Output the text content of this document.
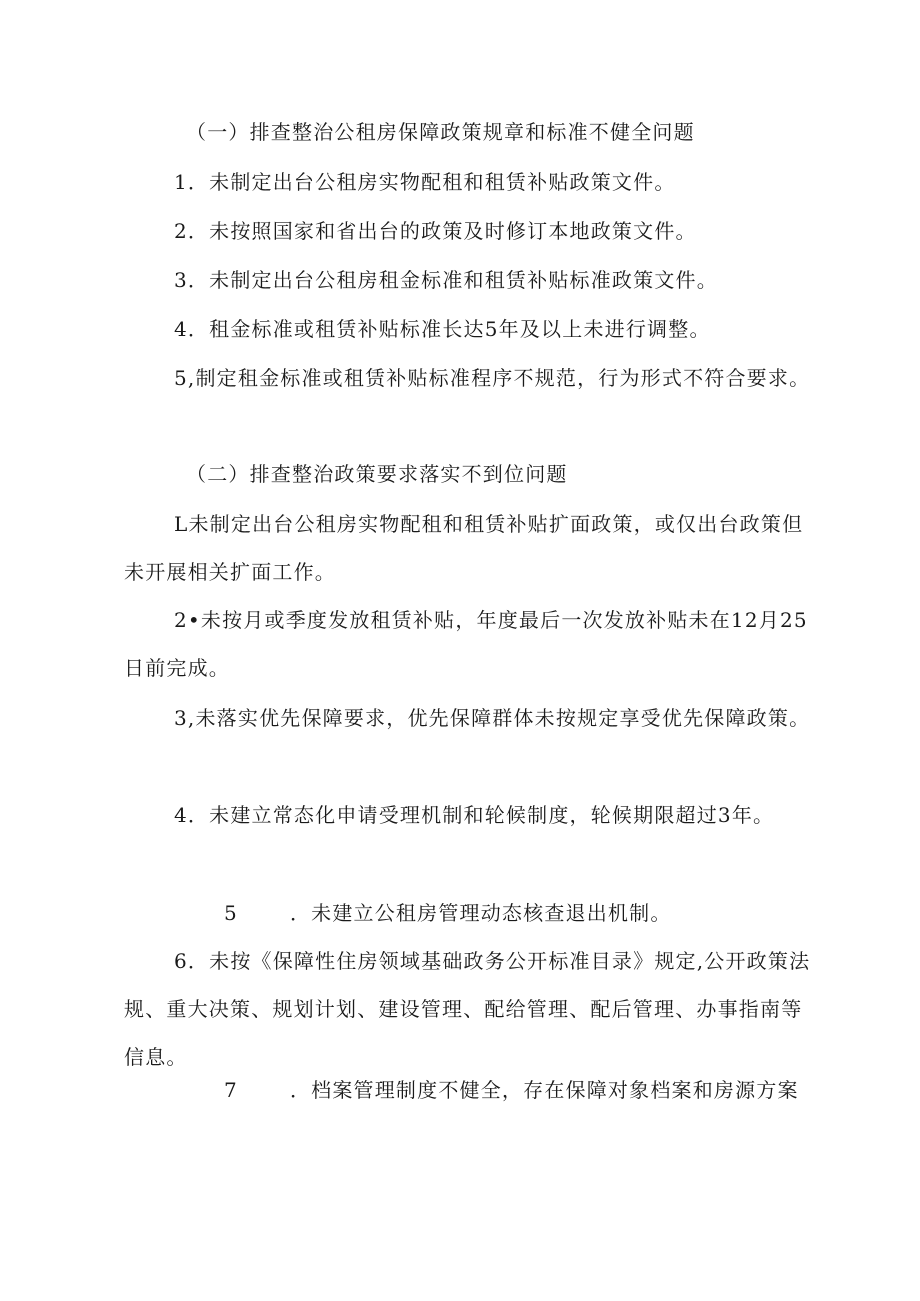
（一）排查整治公租房保障政策规章和标准不健全问题

1．未制定出台公租房实物配租和租赁补贴政策文件。

2．未按照国家和省出台的政策及时修订本地政策文件。

3．未制定出台公租房租金标准和租赁补贴标准政策文件。

4．租金标准或租赁补贴标准长达5年及以上未进行调整。

5,制定租金标准或租赁补贴标准程序不规范，行为形式不符合要求。

（二）排查整治政策要求落实不到位问题

L未制定出台公租房实物配租和租赁补贴扩面政策，或仅出台政策但未开展相关扩面工作。

2•未按月或季度发放租赁补贴，年度最后一次发放补贴未在12月25日前完成。

3,未落实优先保障要求，优先保障群体未按规定享受优先保障政策。

4．未建立常态化申请受理机制和轮候制度，轮候期限超过3年。

5	．未建立公租房管理动态核查退出机制。

6．未按《保障性住房领域基础政务公开标准目录》规定,公开政策法规、重大决策、规划计划、建设管理、配给管理、配后管理、办事指南等信息。

7	．档案管理制度不健全，存在保障对象档案和房源方案
